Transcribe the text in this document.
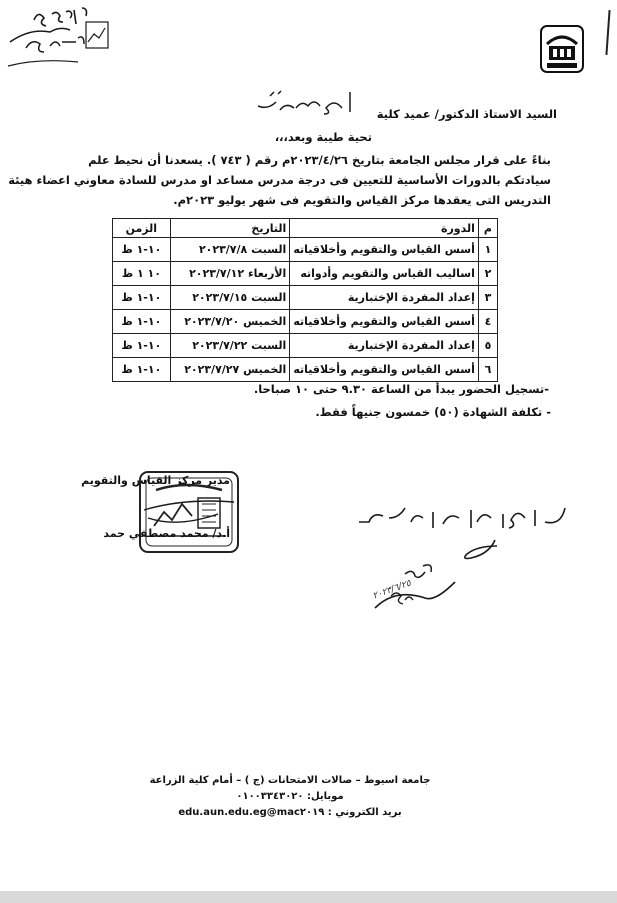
السيد الاستاذ الدكتور/ عميد كلية
تحية طيبة وبعد،،،
بناءً على قرار مجلس الجامعة بتاريخ ٢٠٢٣/٤/٢٦م رقم ( ٧٤٣ ). يسعدنا أن نحيط علم
سيادتكم بالدورات الأساسية للتعيين فى درجة مدرس مساعد او مدرس للسادة معاوني اعضاء هيئة
التدريس التى يعقدها مركز القياس والتقويم فى شهر يوليو ٢٠٢٣م.
م	الدورة	التاريخ	الزمن
١	أسس القياس والتقويم وأخلاقياته	السبت ٢٠٢٣/٧/٨	١٠-١ ظ
٢	اساليب القياس والتقويم وأدواته	الأربعاء ٢٠٢٣/٧/١٢	١٠ ١ ظ
٣	إعداد المفردة الإختبارية	السبت ٢٠٢٣/٧/١٥	١٠-١ ظ
٤	أسس القياس والتقويم وأخلاقياته	الخميس ٢٠٢٣/٧/٢٠	١٠-١ ظ
٥	إعداد المفردة الإختبارية	السبت ٢٠٢٣/٧/٢٢	١٠-١ ظ
٦	أسس القياس والتقويم وأخلاقياته	الخميس ٢٠٢٣/٧/٢٧	١٠-١ ظ
-تسجيل الحضور يبدأ من الساعة ٩.٣٠ حتى ١٠ صباحا.
- تكلفة الشهادة (٥٠) خمسون جنيهاً فقط.
مدير مركز القياس والتقويم
أ.د/ محمد مصطفي حمد
٢٠٢٣/٦/٢٥
جامعة اسيوط – صالات الامتحانات (ج ) – أمام كلية الزراعة
موبايل: ٠١٠٠٣٣٤٣٠٢٠
بريد الكتروني : mac٢٠١٩@edu.aun.edu.eg
